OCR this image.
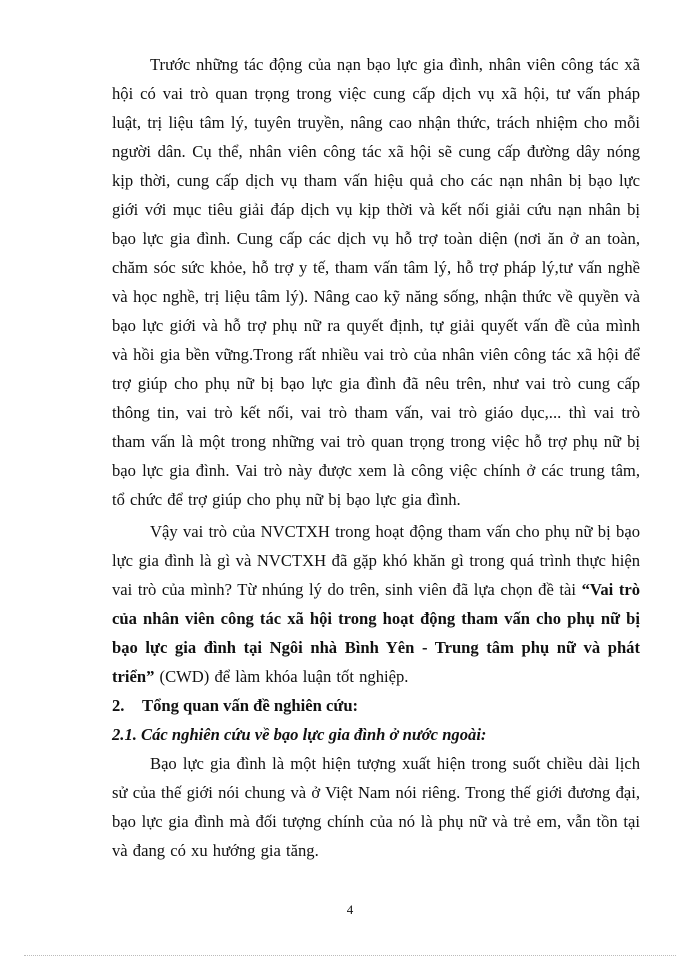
Trước những tác động của nạn bạo lực gia đình, nhân viên công tác xã hội có vai trò quan trọng trong việc cung cấp dịch vụ xã hội, tư vấn pháp luật, trị liệu tâm lý, tuyên truyền, nâng cao nhận thức, trách nhiệm cho mỗi người dân. Cụ thể, nhân viên công tác xã hội sẽ cung cấp đường dây nóng kịp thời, cung cấp dịch vụ tham vấn hiệu quả cho các nạn nhân bị bạo lực giới với mục tiêu giải đáp dịch vụ kịp thời và kết nối giải cứu nạn nhân bị bạo lực gia đình. Cung cấp các dịch vụ hỗ trợ toàn diện (nơi ăn ở an toàn, chăm sóc sức khỏe, hỗ trợ y tế, tham vấn tâm lý, hỗ trợ pháp lý,tư vấn nghề và học nghề, trị liệu tâm lý). Nâng cao kỹ năng sống, nhận thức về quyền và bạo lực giới và hỗ trợ phụ nữ ra quyết định, tự giải quyết vấn đề của mình và hồi gia bền vững.Trong rất nhiều vai trò của nhân viên công tác xã hội để trợ giúp cho phụ nữ bị bạo lực gia đình đã nêu trên, như vai trò cung cấp thông tin, vai trò kết nối, vai trò tham vấn, vai trò giáo dục,... thì vai trò tham vấn là một trong những vai trò quan trọng trong việc hỗ trợ phụ nữ bị bạo lực gia đình. Vai trò này được xem là công việc chính ở các trung tâm, tổ chức để trợ giúp cho phụ nữ bị bạo lực gia đình.

Vậy vai trò của NVCTXH trong hoạt động tham vấn cho phụ nữ bị bạo lực gia đình là gì và NVCTXH đã gặp khó khăn gì trong quá trình thực hiện vai trò của mình? Từ nhúng lý do trên, sinh viên đã lựa chọn đề tài “Vai trò của nhân viên công tác xã hội trong hoạt động tham vấn cho phụ nữ bị bạo lực gia đình tại Ngôi nhà Bình Yên - Trung tâm phụ nữ và phát triển” (CWD) để làm khóa luận tốt nghiệp.

2. Tổng quan vấn đề nghiên cứu:

2.1. Các nghiên cứu về bạo lực gia đình ở nước ngoài:

Bạo lực gia đình là một hiện tượng xuất hiện trong suốt chiều dài lịch sử của thế giới nói chung và ở Việt Nam nói riêng. Trong thế giới đương đại, bạo lực gia đình mà đối tượng chính của nó là phụ nữ và trẻ em, vẫn tồn tại và đang có xu hướng gia tăng.

4
